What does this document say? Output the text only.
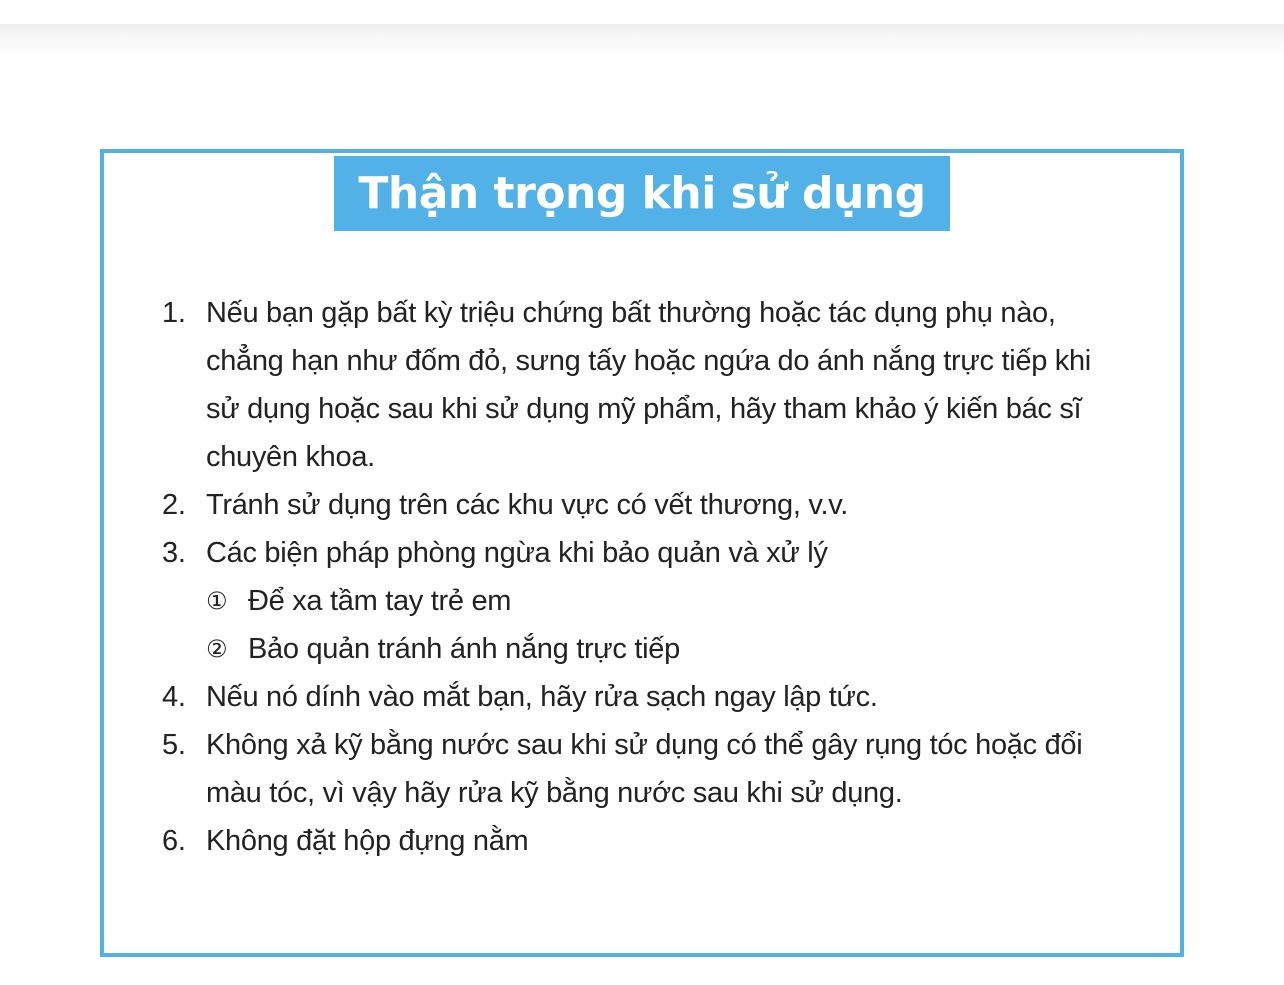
Thận trọng khi sử dụng
1. Nếu bạn gặp bất kỳ triệu chứng bất thường hoặc tác dụng phụ nào, chẳng hạn như đốm đỏ, sưng tấy hoặc ngứa do ánh nắng trực tiếp khi sử dụng hoặc sau khi sử dụng mỹ phẩm, hãy tham khảo ý kiến bác sĩ chuyên khoa.
2. Tránh sử dụng trên các khu vực có vết thương, v.v.
3. Các biện pháp phòng ngừa khi bảo quản và xử lý
① Để xa tầm tay trẻ em
② Bảo quản tránh ánh nắng trực tiếp
4. Nếu nó dính vào mắt bạn, hãy rửa sạch ngay lập tức.
5. Không xả kỹ bằng nước sau khi sử dụng có thể gây rụng tóc hoặc đổi màu tóc, vì vậy hãy rửa kỹ bằng nước sau khi sử dụng.
6. Không đặt hộp đựng nằm
